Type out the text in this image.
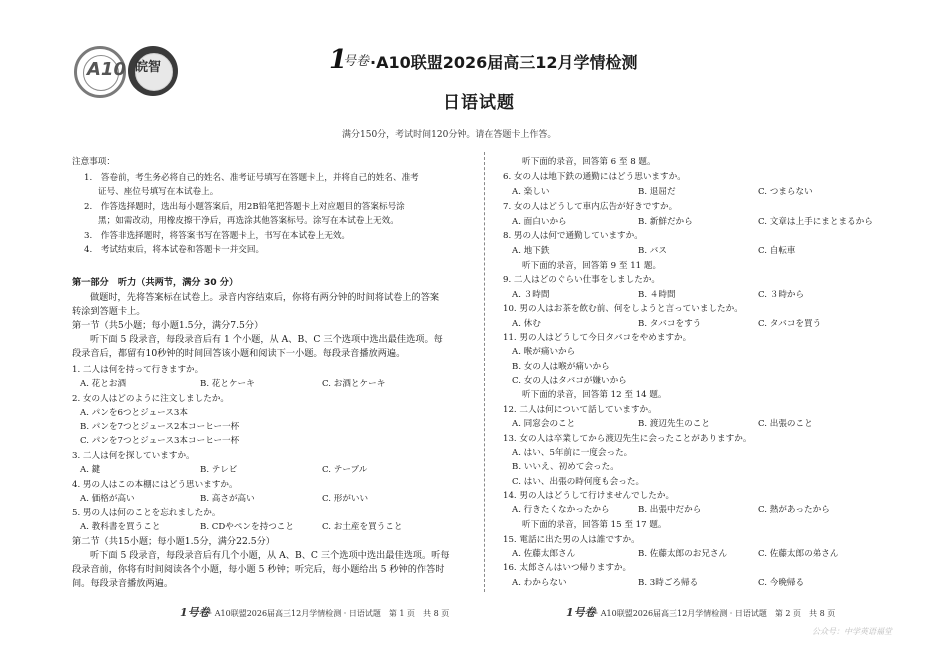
A10 皖智	1
号卷 ·A10联盟2026届高三12月学情检测
日语试题
满分150分，考试时间120分钟。请在答题卡上作答。
注意事项：
1.　答卷前，考生务必将自己的姓名、准考证号填写在答题卡上，并将自己的姓名、准考
证号、座位号填写在本试卷上。
2.　作答选择题时，选出每小题答案后，用2B铅笔把答题卡上对应题目的答案标号涂
黑；如需改动，用橡皮擦干净后，再选涂其他答案标号。涂写在本试卷上无效。
3.　作答非选择题时，将答案书写在答题卡上，书写在本试卷上无效。
4.　考试结束后，将本试卷和答题卡一并交回。
第一部分　听力（共两节，满分 30 分）
做题时，先将答案标在试卷上。录音内容结束后，你将有两分钟的时间将试卷上的答案
转涂到答题卡上。
第一节（共5小题；每小题1.5分，满分7.5分）
听下面 5 段录音，每段录音后有 1 个小题，从 A、B、C 三个选项中选出最佳选项。每
段录音后，都留有10秒钟的时间回答该小题和阅读下一小题。每段录音播放两遍。
1. 二人は何を持って行きますか。
A. 花とお酒	B. 花とケーキ	C. お酒とケーキ
2. 女の人はどのように注文しましたか。
A. パンを6つとジュース3本
B. パンを7つとジュース2本コーヒー一杯
C. パンを7つとジュース3本コーヒー一杯
3. 二人は何を探していますか。
A. 鍵	B. テレビ	C. テーブル
4. 男の人はこの本棚にはどう思いますか。
A. 価格が高い	B. 高さが高い	C. 形がいい
5. 男の人は何のことを忘れましたか。
A. 教科書を買うこと	B. CDやペンを持つこと	C. お土産を買うこと
第二节（共15小题；每小题1.5分，满分22.5分）
听下面 5 段录音，每段录音后有几个小题，从 A、B、C 三个选项中选出最佳选项。听每
段录音前，你将有时间阅读各个小题，每小题 5 秒钟；听完后，每小题给出 5 秒钟的作答时
间。每段录音播放两遍。
听下面的录音，回答第 6 至 8 题。
6. 女の人は地下鉄の通勤にはどう思いますか。
A. 楽しい	B. 退屈だ	C. つまらない
7. 女の人はどうして車内広告が好きですか。
A. 面白いから	B. 新鮮だから	C. 文章は上手にまとまるから
8. 男の人は何で通勤していますか。
A. 地下鉄	B. バス	C. 自転車
听下面的录音，回答第 9 至 11 题。
9. 二人はどのぐらい仕事をしましたか。
A. ３時間	B. ４時間	C. ３時から
10. 男の人はお茶を飲む前、何をしようと言っていましたか。
A. 休む	B. タバコをすう	C. タバコを買う
11. 男の人はどうして今日タバコをやめますか。
A. 喉が痛いから
B. 女の人は喉が痛いから
C. 女の人はタバコが嫌いから
听下面的录音，回答第 12 至 14 题。
12. 二人は何について話していますか。
A. 同窓会のこと	B. 渡辺先生のこと	C. 出張のこと
13. 女の人は卒業してから渡辺先生に会ったことがありますか。
A. はい、5年前に一度会った。
B. いいえ、初めて会った。
C. はい、出張の時何度も会った。
14. 男の人はどうして行けませんでしたか。
A. 行きたくなかったから	B. 出張中だから	C. 熱があったから
听下面的录音，回答第 15 至 17 题。
15. 電話に出た男の人は誰ですか。
A. 佐藤太郎さん	B. 佐藤太郎のお兄さん	C. 佐藤太郎の弟さん
16. 太郎さんはいつ帰りますか。
A. わからない	B. 3時ごろ帰る	C. 今晩帰る
1号卷· A10联盟2026届高三12月学情检测 · 日语试题　第 1 页　共 8 页	1号卷· A10联盟2026届高三12月学情检测 · 日语试题　第 2 页　共 8 页
公众号：中学英语福堂
